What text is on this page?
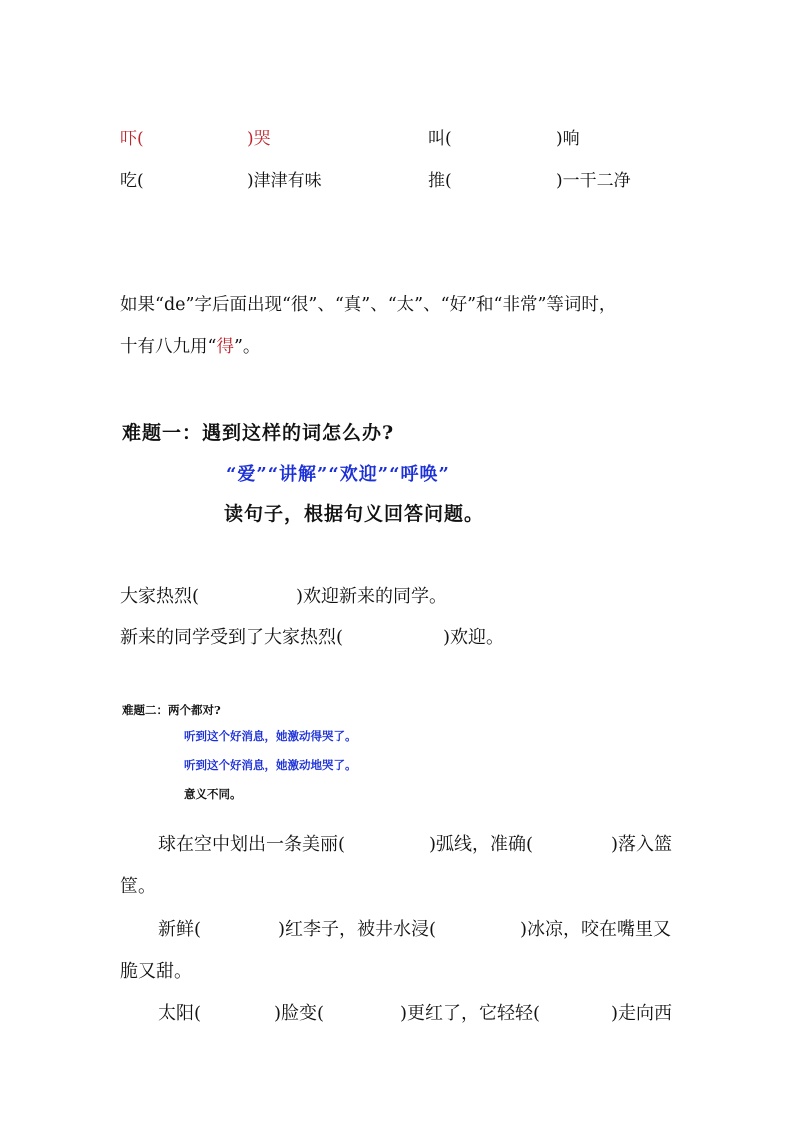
吓(	)哭	叫(	)响
吃(	)津津有味	推(	)一干二净
如果“de”字后面出现“很”、“真”、“太”、“好”和“非常”等词时，
十有八九用“得”。
难题一：遇到这样的词怎么办?
“爱”“讲解”“欢迎”“呼唤”
读句子，根据句义回答问题。
大家热烈(	)欢迎新来的同学。
新来的同学受到了大家热烈(	)欢迎。
难题二：两个都对?
听到这个好消息，她激动得哭了。
听到这个好消息，她激动地哭了。
意义不同。
球在空中划出一条美丽(	)弧线，准确(	)落入篮
筐。
新鲜(	)红李子，被井水浸(	)冰凉，咬在嘴里又
脆又甜。
太阳(	)脸变(	)更红了，它轻轻(	)走向西
